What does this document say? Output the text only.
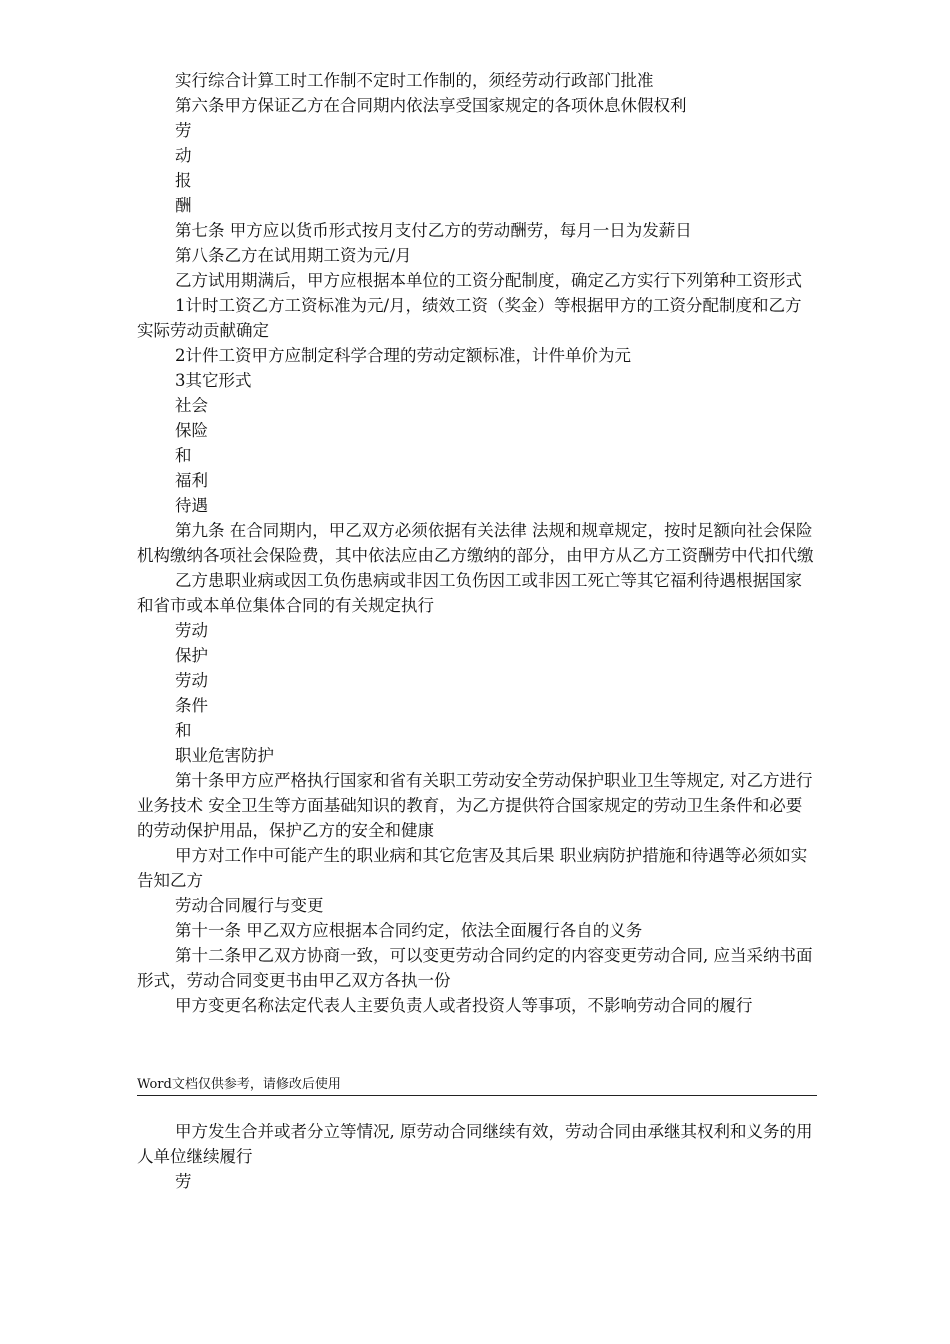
实行综合计算工时工作制不定时工作制的，须经劳动行政部门批准

第六条甲方保证乙方在合同期内依法享受国家规定的各项休息休假权利

劳

动

报

酬

第七条 甲方应以货币形式按月支付乙方的劳动酬劳，每月一日为发薪日

第八条乙方在试用期工资为元/月

乙方试用期满后，甲方应根据本单位的工资分配制度，确定乙方实行下列第种工资形式

1计时工资乙方工资标准为元/月，绩效工资（奖金）等根据甲方的工资分配制度和乙方实际劳动贡献确定

2计件工资甲方应制定科学合理的劳动定额标准，计件单价为元

3其它形式

社会

保险

和

福利

待遇

第九条 在合同期内，甲乙双方必须依据有关法律 法规和规章规定，按时足额向社会保险机构缴纳各项社会保险费，其中依法应由乙方缴纳的部分，由甲方从乙方工资酬劳中代扣代缴

乙方患职业病或因工负伤患病或非因工负伤因工或非因工死亡等其它福利待遇根据国家和省市或本单位集体合同的有关规定执行

劳动

保护

劳动

条件

和

职业危害防护

第十条甲方应严格执行国家和省有关职工劳动安全劳动保护职业卫生等规定, 对乙方进行业务技术 安全卫生等方面基础知识的教育，为乙方提供符合国家规定的劳动卫生条件和必要的劳动保护用品，保护乙方的安全和健康

甲方对工作中可能产生的职业病和其它危害及其后果 职业病防护措施和待遇等必须如实告知乙方

劳动合同履行与变更

第十一条 甲乙双方应根据本合同约定，依法全面履行各自的义务

第十二条甲乙双方协商一致，可以变更劳动合同约定的内容变更劳动合同, 应当采纳书面形式，劳动合同变更书由甲乙双方各执一份

甲方变更名称法定代表人主要负责人或者投资人等事项，不影响劳动合同的履行

Word文档仅供参考，请修改后使用

甲方发生合并或者分立等情况, 原劳动合同继续有效，劳动合同由承继其权利和义务的用人单位继续履行

劳
